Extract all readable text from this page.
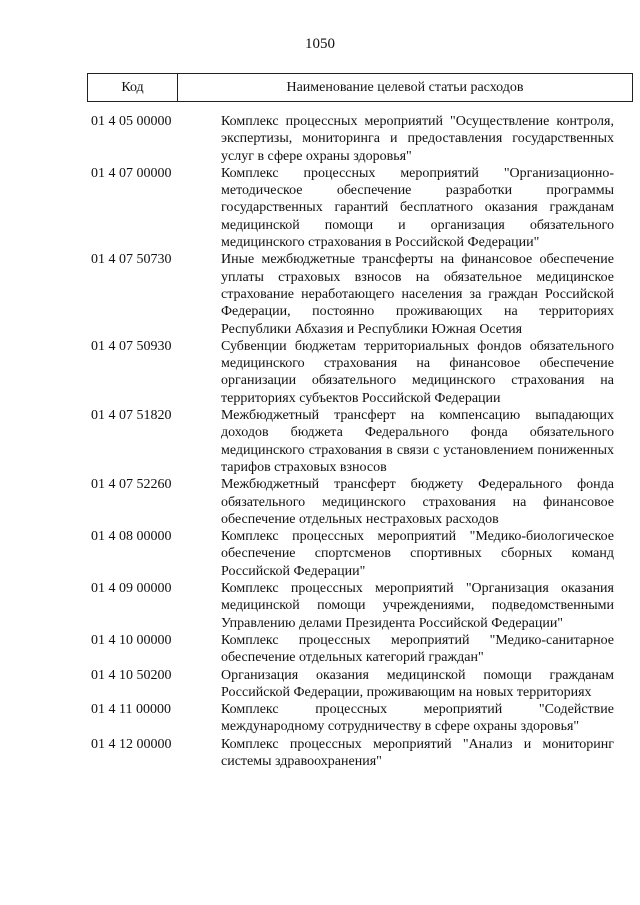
1050
Код	Наименование целевой статьи расходов
01 4 05 00000	Комплекс процессных мероприятий "Осуществление контроля, экспертизы, мониторинга и предоставления государственных услуг в сфере охраны здоровья"
01 4 07 00000	Комплекс процессных мероприятий "Организационно-методическое обеспечение разработки программы государственных гарантий бесплатного оказания гражданам медицинской помощи и организация обязательного медицинского страхования в Российской Федерации"
01 4 07 50730	Иные межбюджетные трансферты на финансовое обеспечение уплаты страховых взносов на обязательное медицинское страхование неработающего населения за граждан Российской Федерации, постоянно проживающих на территориях Республики Абхазия и Республики Южная Осетия
01 4 07 50930	Субвенции бюджетам территориальных фондов обязательного медицинского страхования на финансовое обеспечение организации обязательного медицинского страхования на территориях субъектов Российской Федерации
01 4 07 51820	Межбюджетный трансферт на компенсацию выпадающих доходов бюджета Федерального фонда обязательного медицинского страхования в связи с установлением пониженных тарифов страховых взносов
01 4 07 52260	Межбюджетный трансферт бюджету Федерального фонда обязательного медицинского страхования на финансовое обеспечение отдельных нестраховых расходов
01 4 08 00000	Комплекс процессных мероприятий "Медико-биологическое обеспечение спортсменов спортивных сборных команд Российской Федерации"
01 4 09 00000	Комплекс процессных мероприятий "Организация оказания медицинской помощи учреждениями, подведомственными Управлению делами Президента Российской Федерации"
01 4 10 00000	Комплекс процессных мероприятий "Медико-санитарное обеспечение отдельных категорий граждан"
01 4 10 50200	Организация оказания медицинской помощи гражданам Российской Федерации, проживающим на новых территориях
01 4 11 00000	Комплекс процессных мероприятий "Содействие международному сотрудничеству в сфере охраны здоровья"
01 4 12 00000	Комплекс процессных мероприятий "Анализ и мониторинг системы здравоохранения"
